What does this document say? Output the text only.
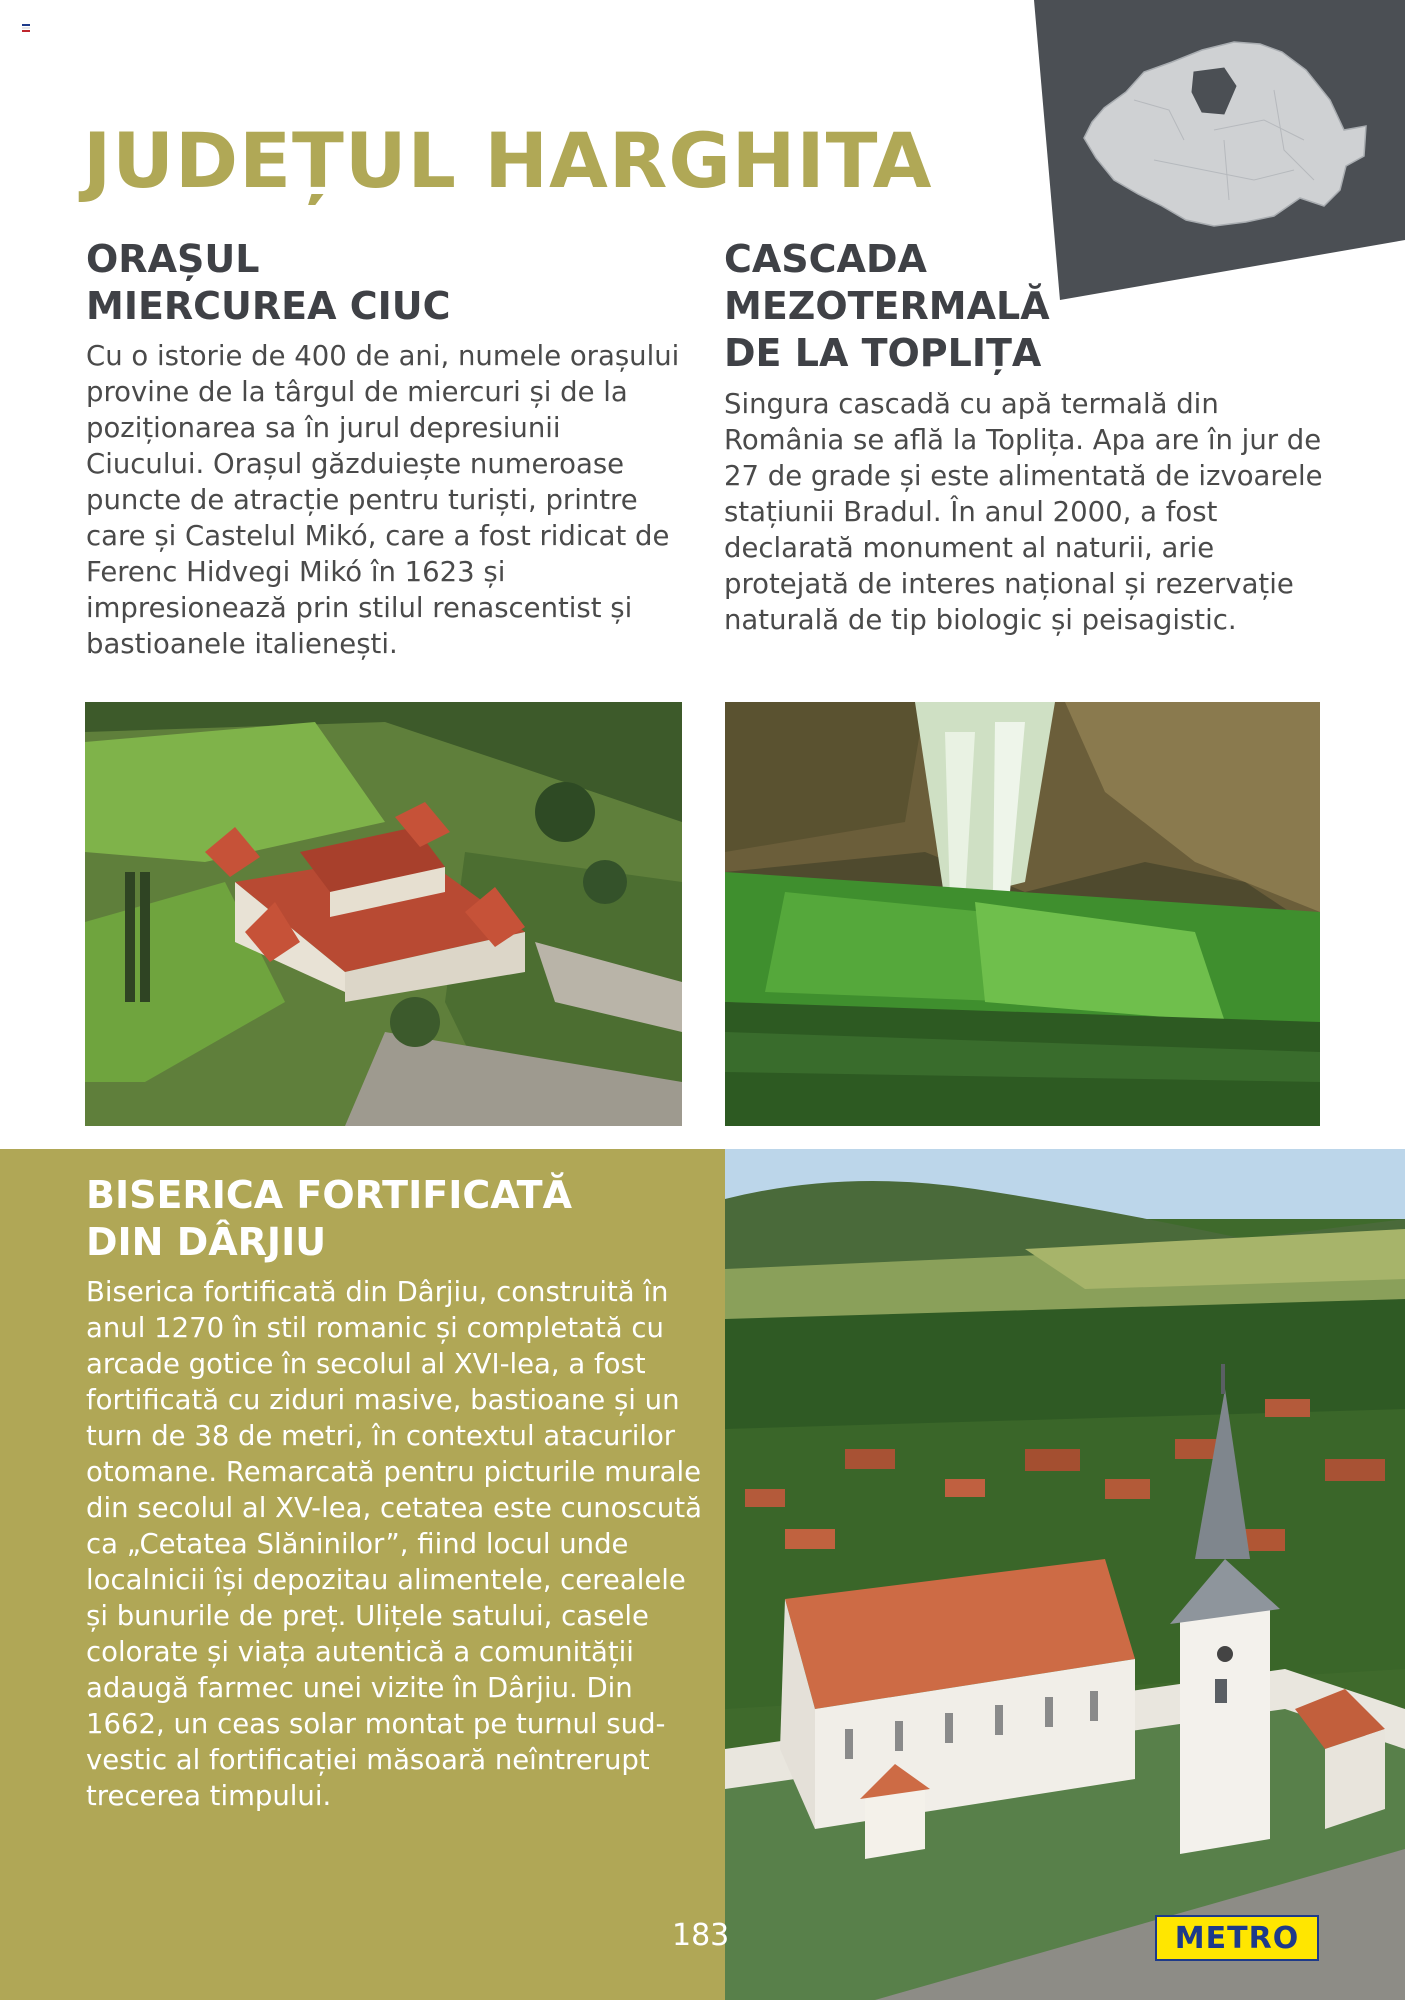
JUDEȚUL HARGHITA
ORAȘUL
MIERCUREA CIUC

Cu o istorie de 400 de ani, numele orașului provine de la târgul de miercuri și de la poziționarea sa în jurul depresiunii Ciucului. Orașul găzduiește numeroase puncte de atracție pentru turiști, printre care și Castelul Mikó, care a fost ridicat de Ferenc Hidvegi Mikó în 1623 și impresionează prin stilul renascentist și bastioanele italienești.

CASCADA
MEZOTERMALĂ
DE LA TOPLIȚA

Singura cascadă cu apă termală din România se află la Toplița. Apa are în jur de 27 de grade și este alimentată de izvoarele stațiunii Bradul. În anul 2000, a fost declarată monument al naturii, arie protejată de interes național și rezervație naturală de tip biologic și peisagistic.

BISERICA FORTIFICATĂ
DIN DÂRJIU

Biserica fortificată din Dârjiu, construită în anul 1270 în stil romanic și completată cu arcade gotice în secolul al XVI-lea, a fost fortificată cu ziduri masive, bastioane și un turn de 38 de metri, în contextul atacurilor otomane. Remarcată pentru picturile murale din secolul al XV-lea, cetatea este cunoscută ca „Cetatea Slăninilor”, fiind locul unde localnicii își depozitau alimentele, cerealele și bunurile de preț. Ulițele satului, casele colorate și viața autentică a comunității adaugă farmec unei vizite în Dârjiu. Din 1662, un ceas solar montat pe turnul sud-vestic al fortificației măsoară neîntrerupt trecerea timpului.

183	METRO
